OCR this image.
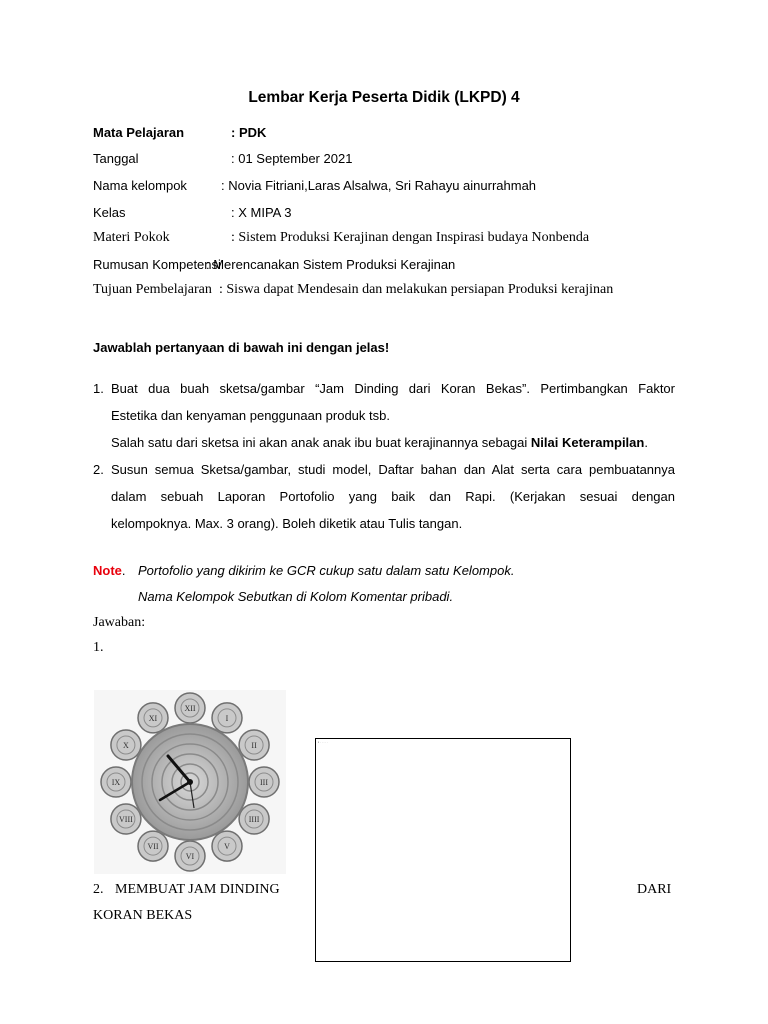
Lembar Kerja Peserta Didik (LKPD) 4
Mata Pelajaran	: PDK
Tanggal	: 01 September 2021
Nama kelompok	: Novia Fitriani,Laras Alsalwa, Sri Rahayu ainurrahmah
Kelas	: X MIPA 3
Materi Pokok	: Sistem Produksi Kerajinan dengan Inspirasi budaya Nonbenda
Rumusan Kompetensi
: Merencanakan Sistem Produksi Kerajinan
Tujuan Pembelajaran : Siswa dapat Mendesain dan melakukan persiapan Produksi kerajinan
Jawablah pertanyaan di bawah ini dengan jelas!
1. Buat dua buah sketsa/gambar “Jam Dinding dari Koran Bekas”. Pertimbangkan Faktor
Estetika dan kenyaman penggunaan produk tsb.
Salah satu dari sketsa ini akan anak anak ibu buat kerajinannya sebagai Nilai Keterampilan.
2. Susun semua Sketsa/gambar, studi model, Daftar bahan dan Alat serta cara pembuatannya
dalam sebuah Laporan Portofolio yang baik dan Rapi. (Kerjakan sesuai dengan
kelompoknya. Max. 3 orang). Boleh diketik atau Tulis tangan.
Note. Portofolio yang dikirim ke GCR cukup satu dalam satu Kelompok.
Nama Kelompok Sebutkan di Kolom Komentar pribadi.
Jawaban:
1.
XII
I
II
III
IIII
V
VI
VII
VIII
IX
X
XI
2. MEMBUAT JAM DINDING	DARI
KORAN BEKAS
▪ · · · · ·
